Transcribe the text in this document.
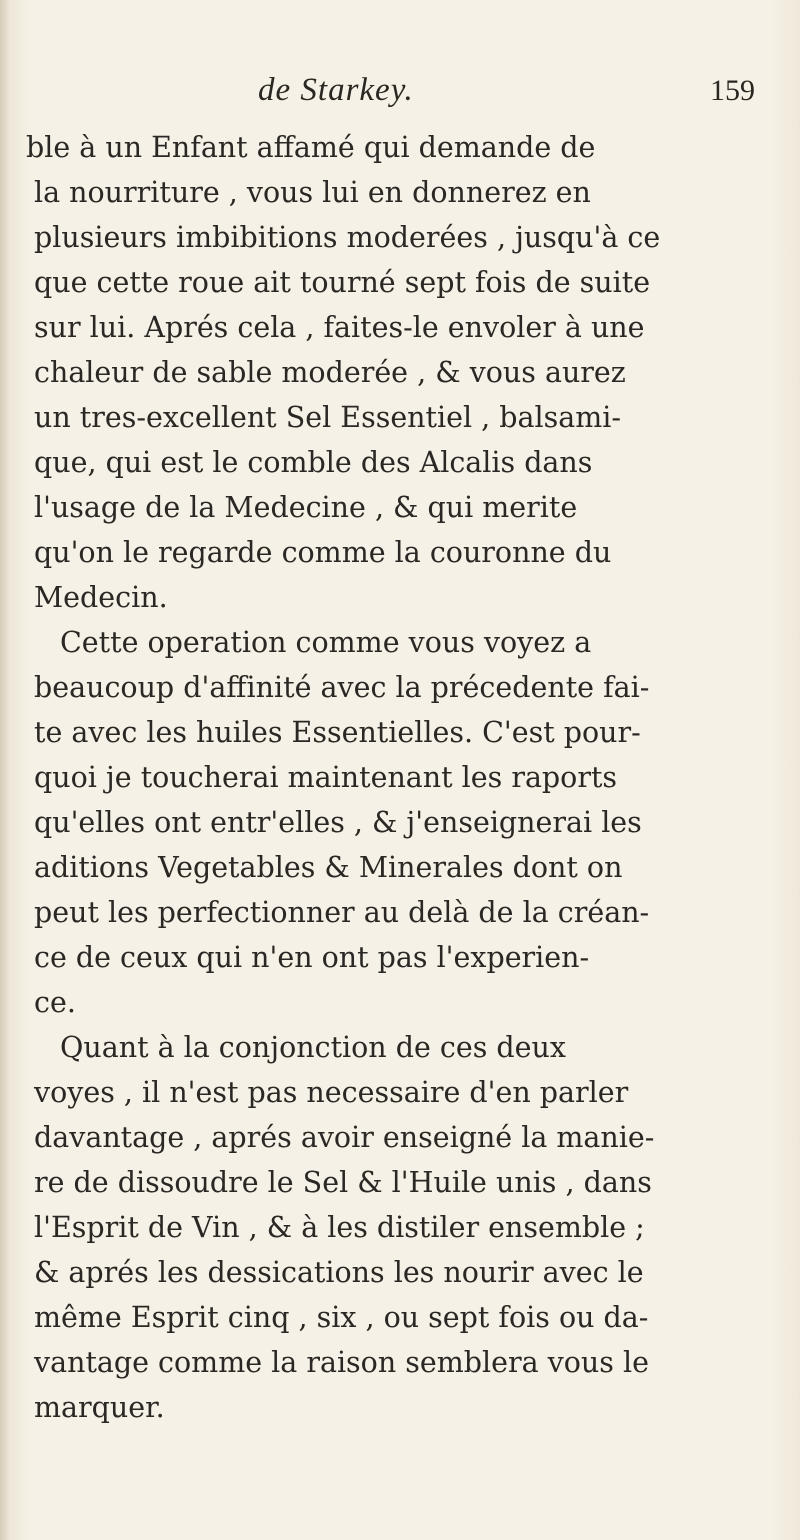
de Starkey.	159
ble à un Enfant affamé qui demande de
la nourriture , vous lui en donnerez en
plusieurs imbibitions moderées , jusqu'à ce
que cette roue ait tourné sept fois de suite
sur lui. Aprés cela , faites-le envoler à une
chaleur de sable moderée , & vous aurez
un tres-excellent Sel Essentiel , balsami-
que, qui est le comble des Alcalis dans
l'usage de la Medecine , & qui merite
qu'on le regarde comme la couronne du
Medecin.
Cette operation comme vous voyez a
beaucoup d'affinité avec la précedente fai-
te avec les huiles Essentielles. C'est pour-
quoi je toucherai maintenant les raports
qu'elles ont entr'elles , & j'enseignerai les
aditions Vegetables & Minerales dont on
peut les perfectionner au delà de la créan-
ce de ceux qui n'en ont pas l'experien-
ce.
Quant à la conjonction de ces deux
voyes , il n'est pas necessaire d'en parler
davantage , aprés avoir enseigné la manie-
re de dissoudre le Sel & l'Huile unis , dans
l'Esprit de Vin , & à les distiler ensemble ;
& aprés les dessications les nourir avec le
même Esprit cinq , six , ou sept fois ou da-
vantage comme la raison semblera vous le
marquer.
